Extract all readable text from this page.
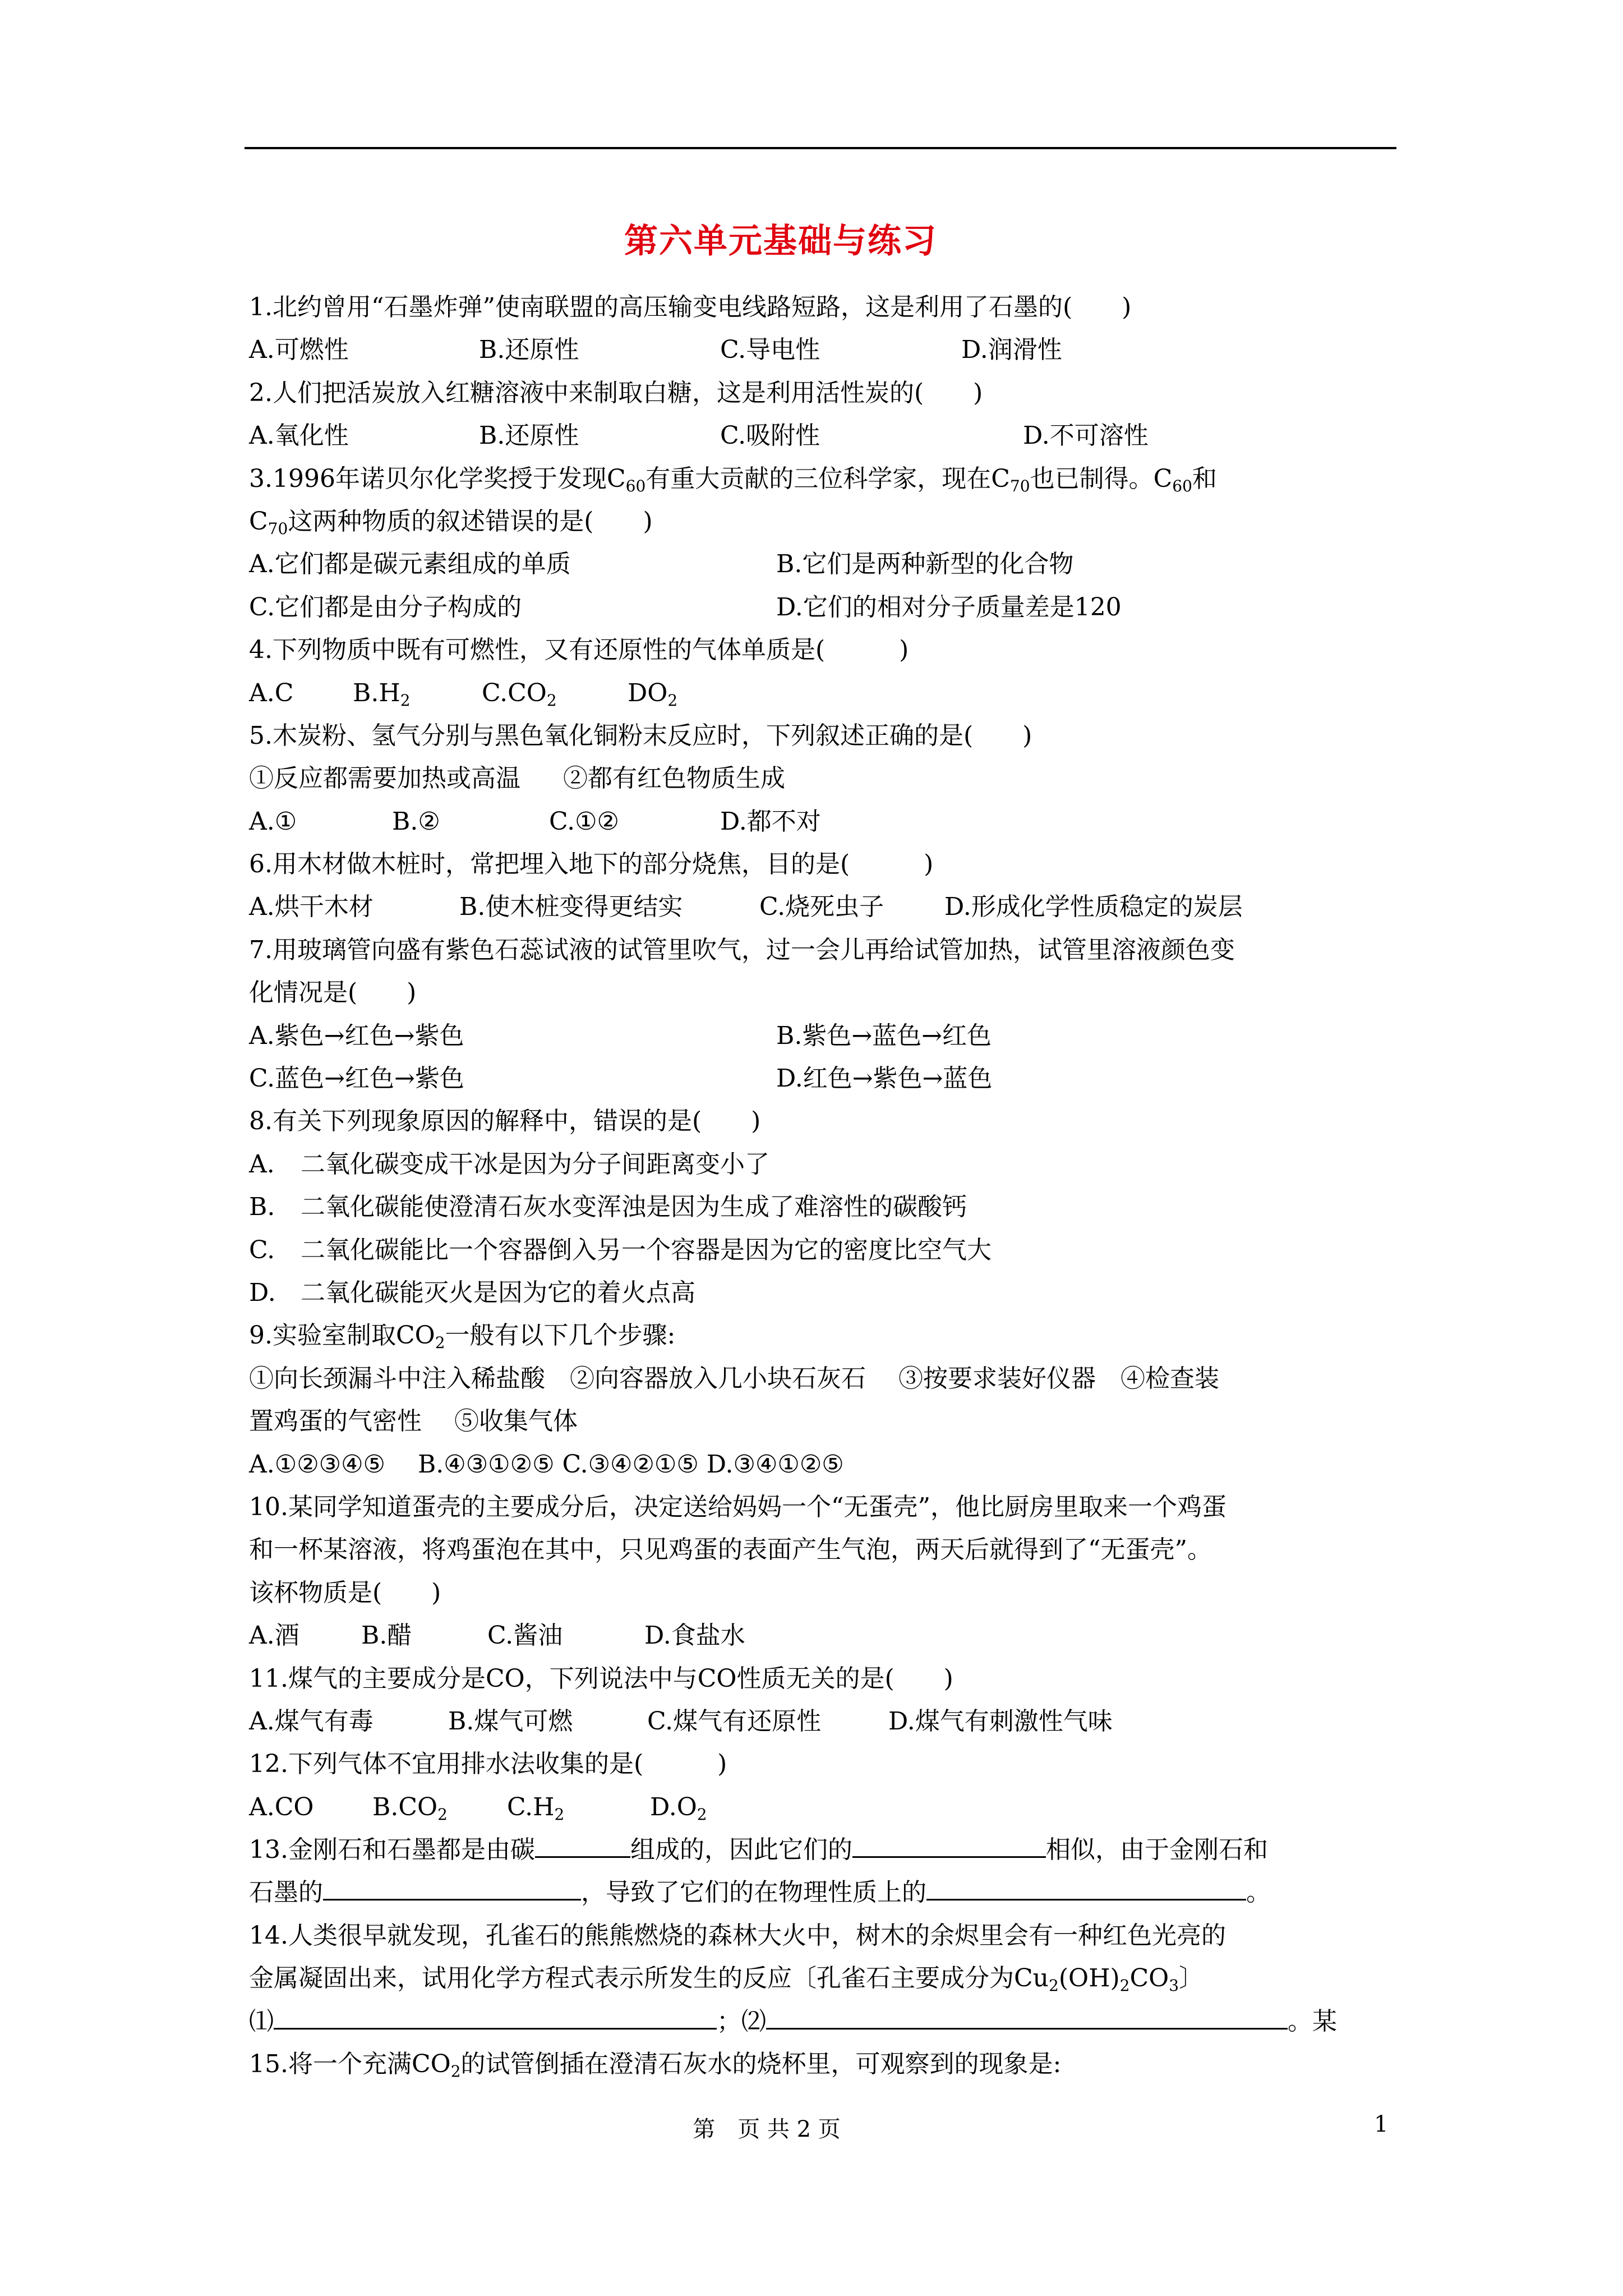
第六单元基础与练习
1.北约曾用“石墨炸弹”使南联盟的高压输变电线路短路，这是利用了石墨的(　　)
A.可燃性	B.还原性	C.导电性	D.润滑性
2.人们把活炭放入红糖溶液中来制取白糖，这是利用活性炭的(　　)
A.氧化性	B.还原性	C.吸附性	D.不可溶性
3.1996年诺贝尔化学奖授于发现$C_{60}$有重大贡献的三位科学家，现在$C_{70}$也已制得。$C_{60}$和
$C_{70}$这两种物质的叙述错误的是(　　)
A.它们都是碳元素组成的单质	B.它们是两种新型的化合物
C.它们都是由分子构成的	D.它们的相对分子质量差是120
4.下列物质中既有可燃性，又有还原性的气体单质是(　　　)
A.C $B.H_2$	$C.CO_2$	$DO_2$
5.木炭粉、氢气分别与黑色氧化铜粉末反应时，下列叙述正确的是(　　)
①反应都需要加热或高温 ②都有红色物质生成
A.①	B.②	C.①②	D.都不对
6.用木材做木桩时，常把埋入地下的部分烧焦，目的是(　　　)
A.烘干木材	B.使木桩变得更结实	C.烧死虫子 D.形成化学性质稳定的炭层
7.用玻璃管向盛有紫色石蕊试液的试管里吹气，过一会儿再给试管加热，试管里溶液颜色变
化情况是(　　)
A.紫色→红色→紫色	B.紫色→蓝色→红色
C.蓝色→红色→紫色	D.红色→紫色→蓝色
8.有关下列现象原因的解释中，错误的是(　　)
A. 二氧化碳变成干冰是因为分子间距离变小了
B. 二氧化碳能使澄清石灰水变浑浊是因为生成了难溶性的碳酸钙
C. 二氧化碳能比一个容器倒入另一个容器是因为它的密度比空气大
D. 二氧化碳能灭火是因为它的着火点高
9.实验室制取$CO_2$一般有以下几个步骤:
①向长颈漏斗中注入稀盐酸　②向容器放入几小块石灰石　 ③按要求装好仪器　④检查装
置鸡蛋的气密性　 ⑤收集气体
A.①②③④⑤　 B.④③①②⑤ C.③④②①⑤ D.③④①②⑤
10.某同学知道蛋壳的主要成分后，决定送给妈妈一个“无蛋壳”，他比厨房里取来一个鸡蛋
和一杯某溶液，将鸡蛋泡在其中，只见鸡蛋的表面产生气泡，两天后就得到了“无蛋壳”。
该杯物质是(　　)
A.酒	B.醋	C.酱油	D.食盐水
11.煤气的主要成分是CO，下列说法中与CO性质无关的是(　　)
A.煤气有毒	B.煤气可燃	C.煤气有还原性	D.煤气有刺激性气味
12.下列气体不宜用排水法收集的是(　　　)
A.CO $B.CO_2$ $C.H_2$	$D.O_2$
13.金刚石和石墨都是由碳	组成的，因此它们的	相似，由于金刚石和
石墨的	，导致了它们的在物理性质上的	。
14.人类很早就发现，孔雀石的熊熊燃烧的森林大火中，树木的余烬里会有一种红色光亮的
金属凝固出来，试用化学方程式表示所发生的反应〔孔雀石主要成分为$Cu_2(OH)_2CO_3$〕
⑴	；⑵	。某
15.将一个充满$CO_2$的试管倒插在澄清石灰水的烧杯里，可观察到的现象是:
第　页 共 2 页	1
